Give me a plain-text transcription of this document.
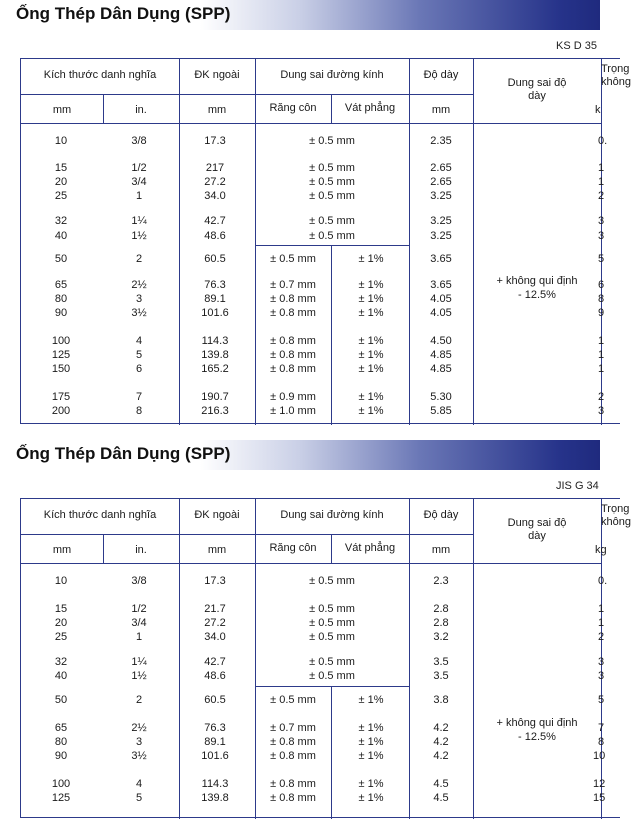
Ống Thép Dân Dụng (SPP)
KS D 35
Kích thước danh nghĩa	ĐK ngoài	Dung sai đường kính	Độ dày
Dung sai độ dày
Trọng không
mm	in.	mm	Răng côn	Vát phẳng	mm	k
+ không qui định
- 12.5%
10	3/8	17.3	± 0.5 mm	2.35	0.
15	1/2	217	± 0.5 mm	2.65	1
20	3/4	27.2	± 0.5 mm	2.65	1
25	1	34.0	± 0.5 mm	3.25	2
32	1¼	42.7	± 0.5 mm	3.25	3
40	1½	48.6	± 0.5 mm	3.25	3
50	2	60.5	± 0.5 mm	± 1%	3.65	5
65	2½	76.3	± 0.7 mm	± 1%	3.65	6
80	3	89.1	± 0.8 mm	± 1%	4.05	8
90	3½	101.6	± 0.8 mm	± 1%	4.05	9
100	4	114.3	± 0.8 mm	± 1%	4.50	1
125	5	139.8	± 0.8 mm	± 1%	4.85	1
150	6	165.2	± 0.8 mm	± 1%	4.85	1
175	7	190.7	± 0.9 mm	± 1%	5.30	2
200	8	216.3	± 1.0 mm	± 1%	5.85	3
Ống Thép Dân Dụng (SPP)
JIS G 34
Kích thước danh nghĩa	ĐK ngoài	Dung sai đường kính	Độ dày
Dung sai độ dày
Trọng không
mm	in.	mm	Răng côn	Vát phẳng	mm	kg
+ không qui định
- 12.5%
10	3/8	17.3	± 0.5 mm	2.3	0.
15	1/2	21.7	± 0.5 mm	2.8	1
20	3/4	27.2	± 0.5 mm	2.8	1
25	1	34.0	± 0.5 mm	3.2	2
32	1¼	42.7	± 0.5 mm	3.5	3
40	1½	48.6	± 0.5 mm	3.5	3
50	2	60.5	± 0.5 mm	± 1%	3.8	5
65	2½	76.3	± 0.7 mm	± 1%	4.2	7
80	3	89.1	± 0.8 mm	± 1%	4.2	8
90	3½	101.6	± 0.8 mm	± 1%	4.2	10
100	4	114.3	± 0.8 mm	± 1%	4.5	12
125	5	139.8	± 0.8 mm	± 1%	4.5	15
